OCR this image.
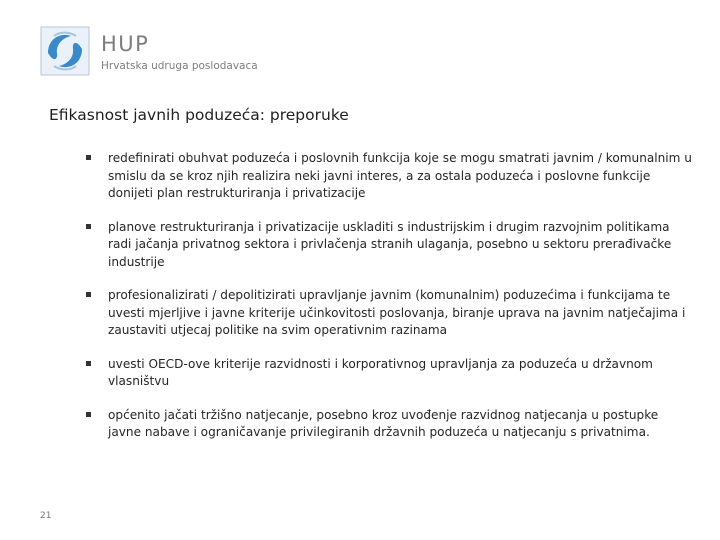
HUP
Hrvatska udruga poslodavaca
Efikasnost javnih poduzeća: preporuke
redefinirati obuhvat poduzeća i poslovnih funkcija koje se mogu smatrati javnim / komunalnim u smislu da se kroz njih realizira neki javni interes, a za ostala poduzeća i poslovne funkcije donijeti plan restrukturiranja i privatizacije
planove restrukturiranja i privatizacije uskladiti s industrijskim i drugim razvojnim politikama radi jačanja privatnog sektora i privlačenja stranih ulaganja, posebno u sektoru prerađivačke industrije
profesionalizirati / depolitizirati upravljanje javnim (komunalnim) poduzećima i funkcijama te uvesti mjerljive i javne kriterije učinkovitosti poslovanja, biranje uprava na javnim natječajima i zaustaviti utjecaj politike na svim operativnim razinama
uvesti OECD-ove kriterije razvidnosti i korporativnog upravljanja za poduzeća u državnom vlasništvu
općenito jačati tržišno natjecanje, posebno kroz uvođenje razvidnog natjecanja u postupke javne nabave i ograničavanje privilegiranih državnih poduzeća u natjecanju s privatnima.
21
